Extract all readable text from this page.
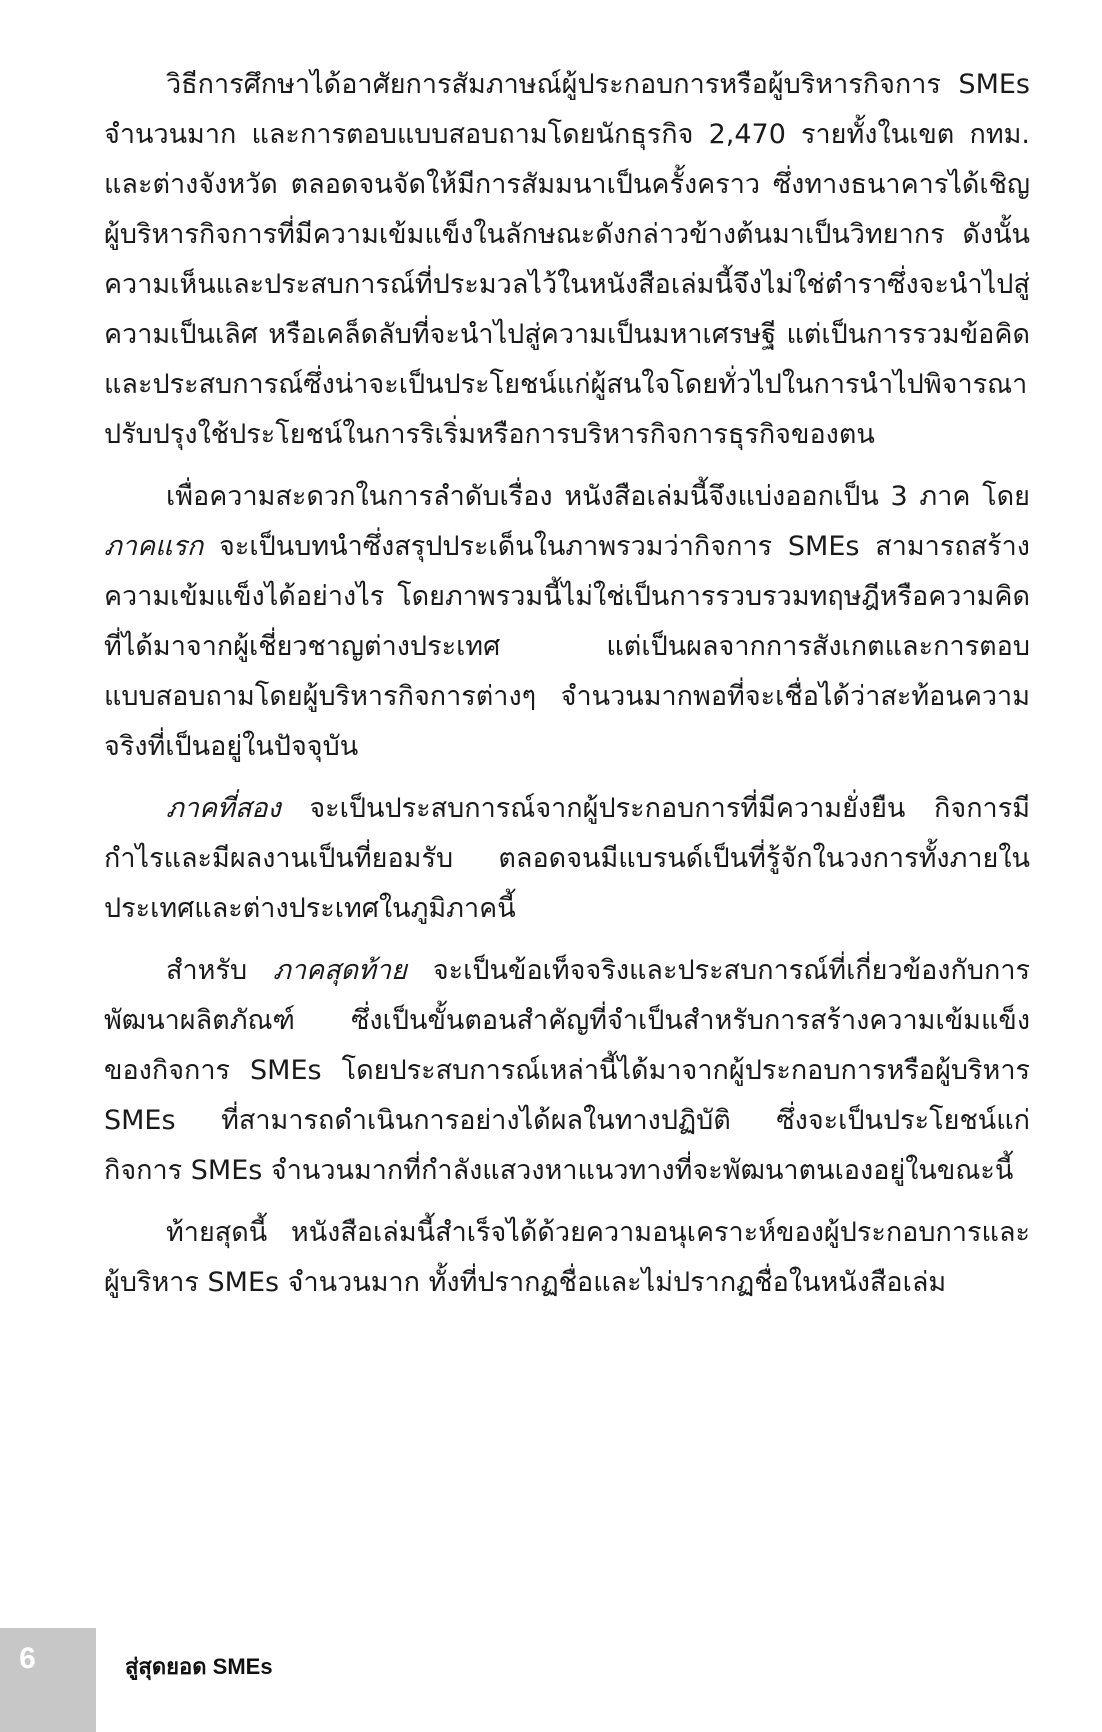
วิธีการศึกษาได้อาศัยการสัมภาษณ์ผู้ประกอบการหรือผู้บริหารกิจการ SMEs จำนวนมาก และการตอบแบบสอบถามโดยนักธุรกิจ 2,470 รายทั้งในเขต กทม. และต่างจังหวัด ตลอดจนจัดให้มีการสัมมนาเป็นครั้งคราว ซึ่งทางธนาคารได้เชิญผู้บริหารกิจการที่มีความเข้มแข็งในลักษณะดังกล่าวข้างต้นมาเป็นวิทยากร ดังนั้นความเห็นและประสบการณ์ที่ประมวลไว้ในหนังสือเล่มนี้จึงไม่ใช่ตำราซึ่งจะนำไปสู่ความเป็นเลิศ หรือเคล็ดลับที่จะนำไปสู่ความเป็นมหาเศรษฐี แต่เป็นการรวมข้อคิดและประสบการณ์ซึ่งน่าจะเป็นประโยชน์แก่ผู้สนใจโดยทั่วไปในการนำไปพิจารณาปรับปรุงใช้ประโยชน์ในการริเริ่มหรือการบริหารกิจการธุรกิจของตน

เพื่อความสะดวกในการลำดับเรื่อง หนังสือเล่มนี้จึงแบ่งออกเป็น 3 ภาค โดย ภาคแรก จะเป็นบทนำซึ่งสรุปประเด็นในภาพรวมว่ากิจการ SMEs สามารถสร้างความเข้มแข็งได้อย่างไร โดยภาพรวมนี้ไม่ใช่เป็นการรวบรวมทฤษฎีหรือความคิดที่ได้มาจากผู้เชี่ยวชาญต่างประเทศ แต่เป็นผลจากการสังเกตและการตอบแบบสอบถามโดยผู้บริหารกิจการต่างๆ จำนวนมากพอที่จะเชื่อได้ว่าสะท้อนความจริงที่เป็นอยู่ในปัจจุบัน

ภาคที่สอง จะเป็นประสบการณ์จากผู้ประกอบการที่มีความยั่งยืน กิจการมีกำไรและมีผลงานเป็นที่ยอมรับ ตลอดจนมีแบรนด์เป็นที่รู้จักในวงการทั้งภายในประเทศและต่างประเทศในภูมิภาคนี้

สำหรับ ภาคสุดท้าย จะเป็นข้อเท็จจริงและประสบการณ์ที่เกี่ยวข้องกับการพัฒนาผลิตภัณฑ์ ซึ่งเป็นขั้นตอนสำคัญที่จำเป็นสำหรับการสร้างความเข้มแข็งของกิจการ SMEs โดยประสบการณ์เหล่านี้ได้มาจากผู้ประกอบการหรือผู้บริหาร SMEs ที่สามารถดำเนินการอย่างได้ผลในทางปฏิบัติ ซึ่งจะเป็นประโยชน์แก่กิจการ SMEs จำนวนมากที่กำลังแสวงหาแนวทางที่จะพัฒนาตนเองอยู่ในขณะนี้

ท้ายสุดนี้ หนังสือเล่มนี้สำเร็จได้ด้วยความอนุเคราะห์ของผู้ประกอบการและผู้บริหาร SMEs จำนวนมาก ทั้งที่ปรากฏชื่อและไม่ปรากฏชื่อในหนังสือเล่ม

6	สู่สุดยอด SMEs
